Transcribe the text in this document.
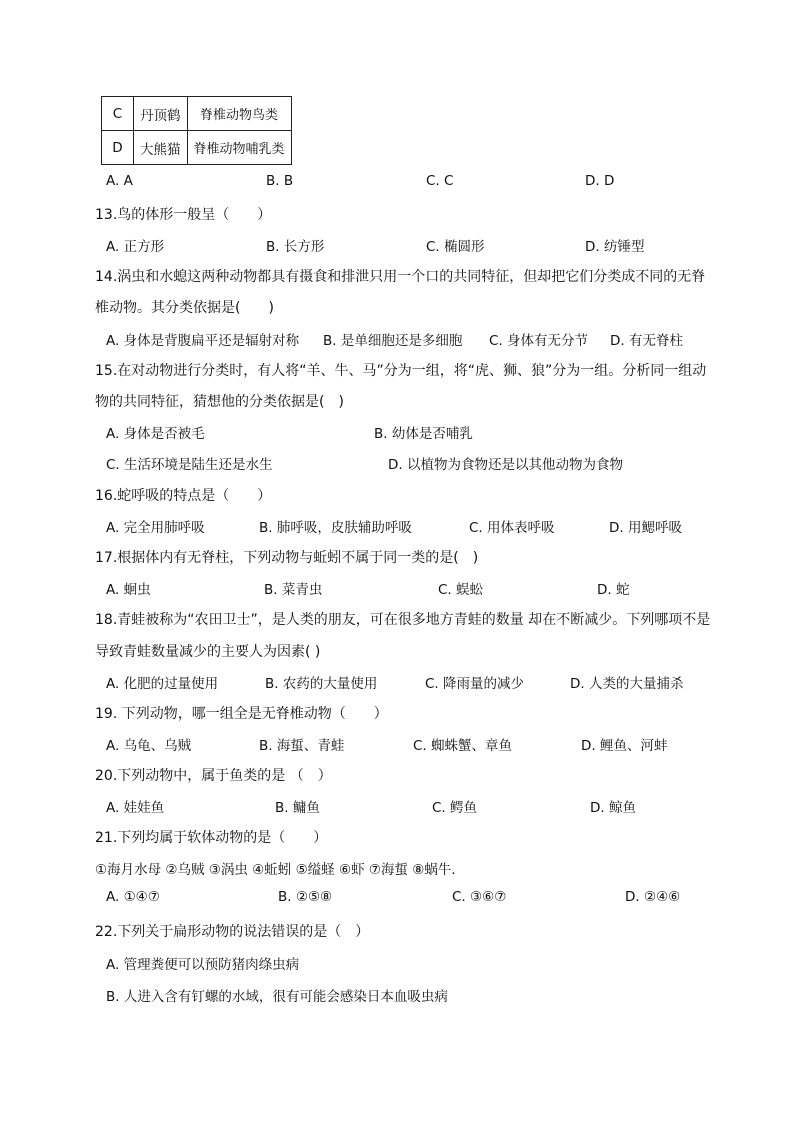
C	丹顶鹤	脊椎动物鸟类
D	大熊猫	脊椎动物哺乳类
A. A	B. B	C. C	D. D
13.鸟的体形一般呈（　　）
A. 正方形	B. 长方形	C. 椭圆形	D. 纺锤型
14.涡虫和水螅这两种动物都具有摄食和排泄只用一个口的共同特征，但却把它们分类成不同的无脊
椎动物。其分类依据是(　　)
A. 身体是背腹扁平还是辐射对称 B. 是单细胞还是多细胞 C. 身体有无分节 D. 有无脊柱
15.在对动物进行分类时，有人将“羊、牛、马”分为一组，将“虎、狮、狼”分为一组。分析同一组动
物的共同特征，猜想他的分类依据是(　)
A. 身体是否被毛	B. 幼体是否哺乳
C. 生活环境是陆生还是水生	D. 以植物为食物还是以其他动物为食物
16.蛇呼吸的特点是（　　）
A. 完全用肺呼吸	B. 肺呼吸，皮肤辅助呼吸	C. 用体表呼吸	D. 用鳃呼吸
17.根据体内有无脊柱，下列动物与蚯蚓不属于同一类的是(　)
A. 蛔虫	B. 菜青虫	C. 蜈蚣	D. 蛇
18.青蛙被称为“农田卫士”，是人类的朋友，可在很多地方青蛙的数量 却在不断减少。下列哪项不是
导致青蛙数量减少的主要人为因素( )
A. 化肥的过量使用	B. 农药的大量使用	C. 降雨量的减少	D. 人类的大量捕杀
19. 下列动物，哪一组全是无脊椎动物（　　）
A. 乌龟、乌贼	B. 海蜇、青蛙	C. 蜘蛛蟹、章鱼	D. 鲤鱼、河蚌
20.下列动物中，属于鱼类的是 （　）
A. 娃娃鱼	B. 鳙鱼	C. 鳄鱼	D. 鲸鱼
21.下列均属于软体动物的是（　　）
①海月水母 ②乌贼 ③涡虫 ④蚯蚓 ⑤缢蛏 ⑥虾 ⑦海蜇 ⑧蜗牛．
A. ①④⑦	B. ②⑤⑧	C. ③⑥⑦	D. ②④⑥
22.下列关于扁形动物的说法错误的是（　）
A. 管理粪便可以预防猪肉绦虫病
B. 人进入含有钉螺的水域，很有可能会感染日本血吸虫病
